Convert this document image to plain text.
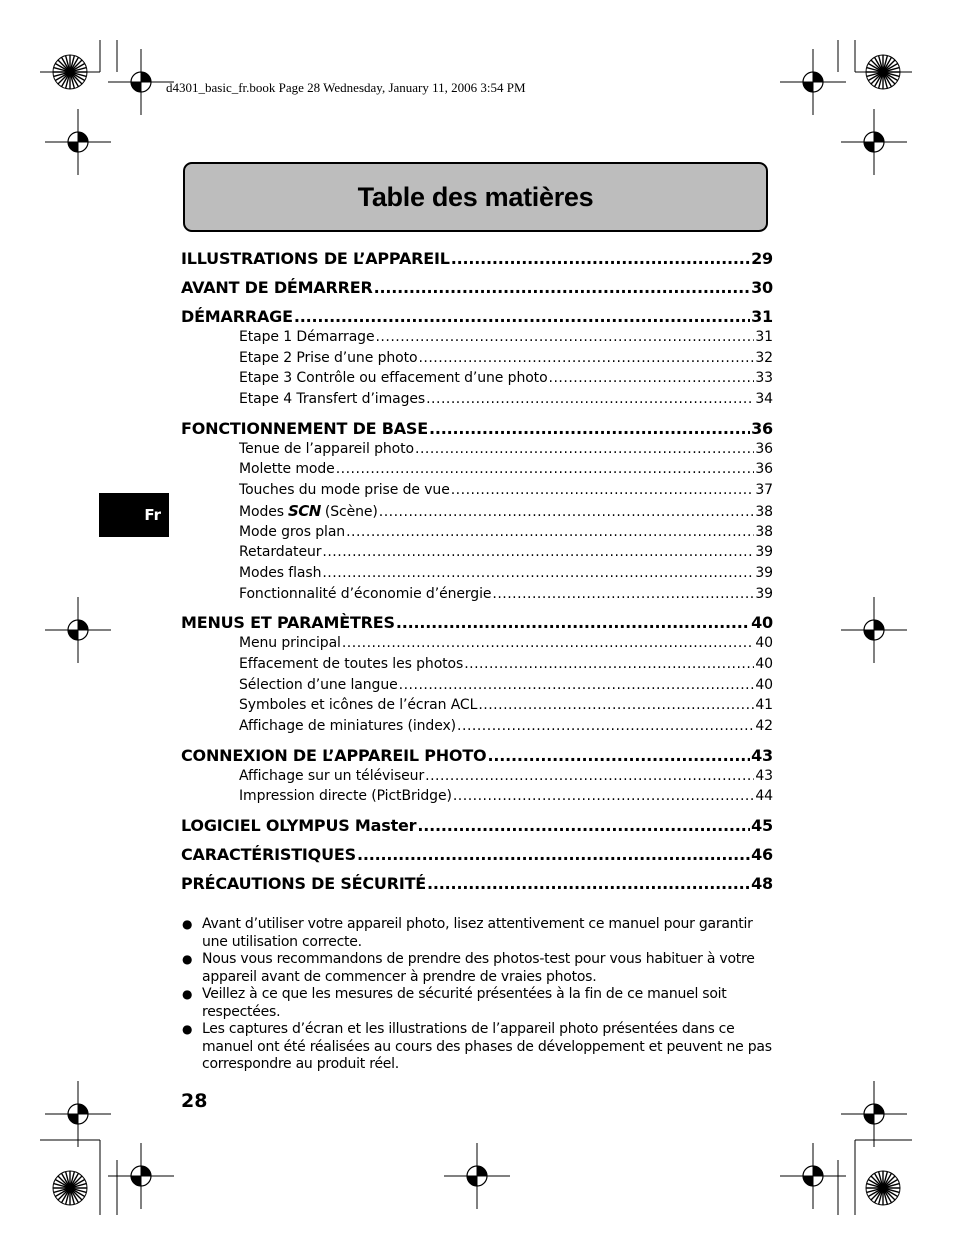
d4301_basic_fr.book Page 28 Wednesday, January 11, 2006 3:54 PM
Table des matières
ILLUSTRATIONS DE L’APPAREIL .....	29
AVANT DE DÉMARRER .....	30
DÉMARRAGE .....	31
Etape 1 Démarrage .....	31
Etape 2 Prise d’une photo .....	32
Etape 3 Contrôle ou effacement d’une photo .....	33
Etape 4 Transfert d’images .....	34
FONCTIONNEMENT DE BASE .....	36
Tenue de l’appareil photo .....	36
Molette mode .....	36
Touches du mode prise de vue .....	37
Modes SCN (Scène) .....	38
Mode gros plan .....	38
Retardateur .....	39
Modes flash .....	39
Fonctionnalité d’économie d’énergie .....	39
MENUS ET PARAMÈTRES .....	40
Menu principal .....	40
Effacement de toutes les photos .....	40
Sélection d’une langue .....	40
Symboles et icônes de l’écran ACL .....	41
Affichage de miniatures (index) .....	42
CONNEXION DE L’APPAREIL PHOTO .....	43
Affichage sur un téléviseur .....	43
Impression directe (PictBridge) .....	44
LOGICIEL OLYMPUS Master .....	45
CARACTÉRISTIQUES .....	46
PRÉCAUTIONS DE SÉCURITÉ .....	48
● Avant d’utiliser votre appareil photo, lisez attentivement ce manuel pour garantir une utilisation correcte.
● Nous vous recommandons de prendre des photos-test pour vous habituer à votre appareil avant de commencer à prendre de vraies photos.
● Veillez à ce que les mesures de sécurité présentées à la fin de ce manuel soit respectées.
● Les captures d’écran et les illustrations de l’appareil photo présentées dans ce manuel ont été réalisées au cours des phases de développement et peuvent ne pas correspondre au produit réel.
Fr
28
